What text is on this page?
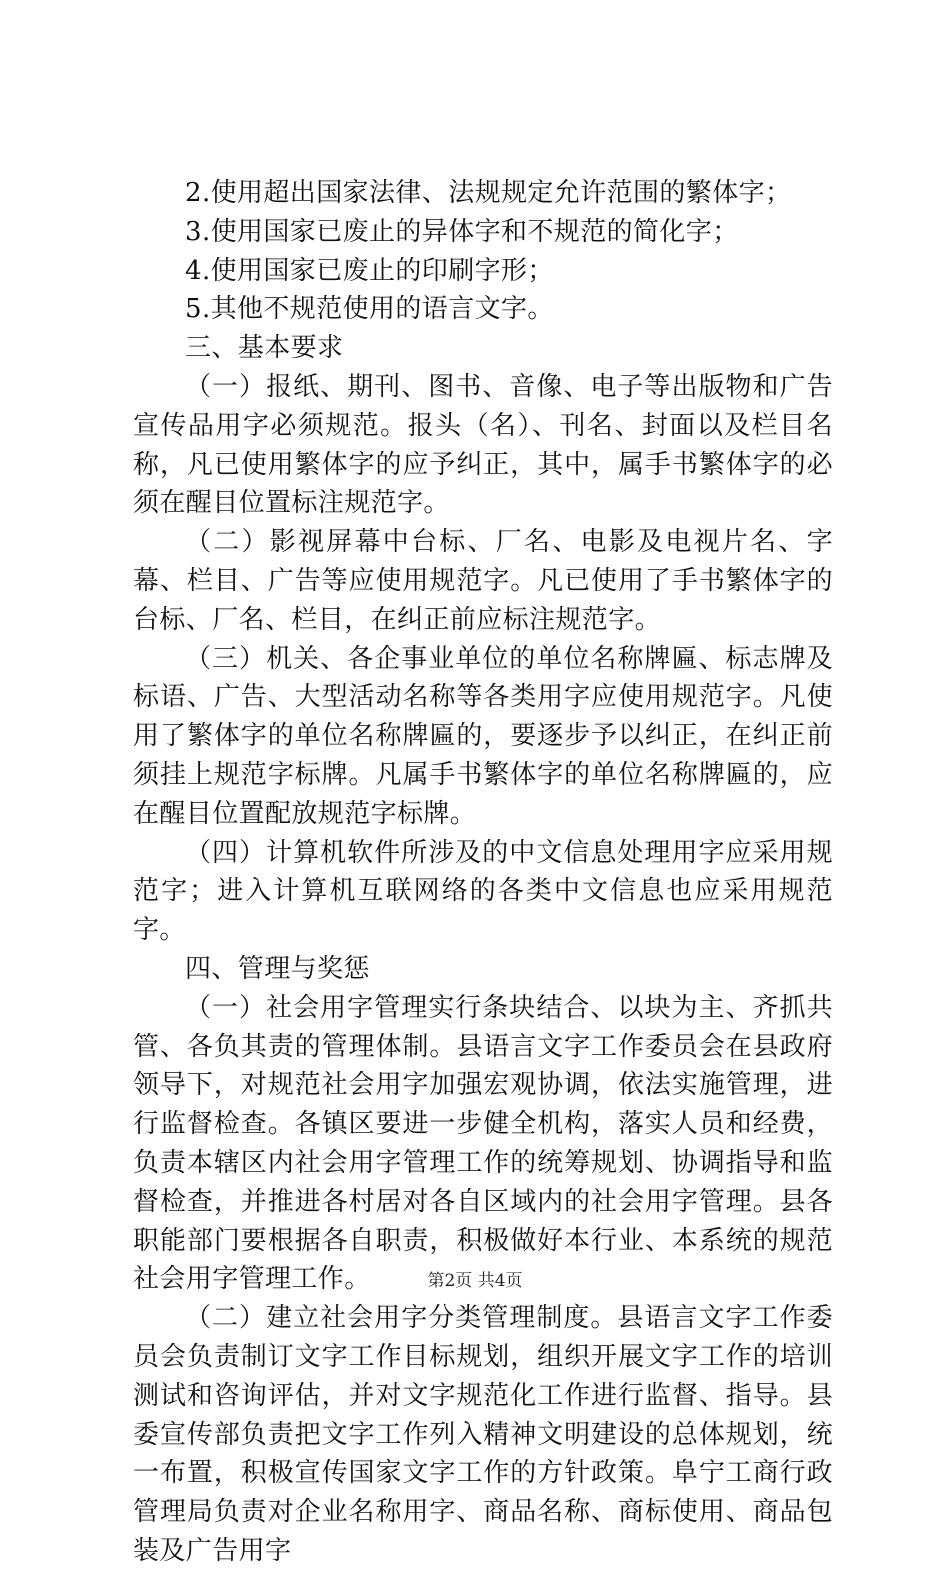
2.使用超出国家法律、法规规定允许范围的繁体字；

3.使用国家已废止的异体字和不规范的简化字；

4.使用国家已废止的印刷字形；

5.其他不规范使用的语言文字。

三、基本要求

（一）报纸、期刊、图书、音像、电子等出版物和广告宣传品用字必须规范。报头（名）、刊名、封面以及栏目名称，凡已使用繁体字的应予纠正，其中，属手书繁体字的必须在醒目位置标注规范字。

（二）影视屏幕中台标、厂名、电影及电视片名、字幕、栏目、广告等应使用规范字。凡已使用了手书繁体字的台标、厂名、栏目，在纠正前应标注规范字。

（三）机关、各企事业单位的单位名称牌匾、标志牌及标语、广告、大型活动名称等各类用字应使用规范字。凡使用了繁体字的单位名称牌匾的，要逐步予以纠正，在纠正前须挂上规范字标牌。凡属手书繁体字的单位名称牌匾的，应在醒目位置配放规范字标牌。

（四）计算机软件所涉及的中文信息处理用字应采用规范字；进入计算机互联网络的各类中文信息也应采用规范字。

四、管理与奖惩

（一）社会用字管理实行条块结合、以块为主、齐抓共管、各负其责的管理体制。县语言文字工作委员会在县政府领导下，对规范社会用字加强宏观协调，依法实施管理，进行监督检查。各镇区要进一步健全机构，落实人员和经费，负责本辖区内社会用字管理工作的统筹规划、协调指导和监督检查，并推进各村居对各自区域内的社会用字管理。县各职能部门要根据各自职责，积极做好本行业、本系统的规范社会用字管理工作。

（二）建立社会用字分类管理制度。县语言文字工作委员会负责制订文字工作目标规划，组织开展文字工作的培训测试和咨询评估，并对文字规范化工作进行监督、指导。县委宣传部负责把文字工作列入精神文明建设的总体规划，统一布置，积极宣传国家文字工作的方针政策。阜宁工商行政管理局负责对企业名称用字、商品名称、商标使用、商品包装及广告用字

第2页 共4页
